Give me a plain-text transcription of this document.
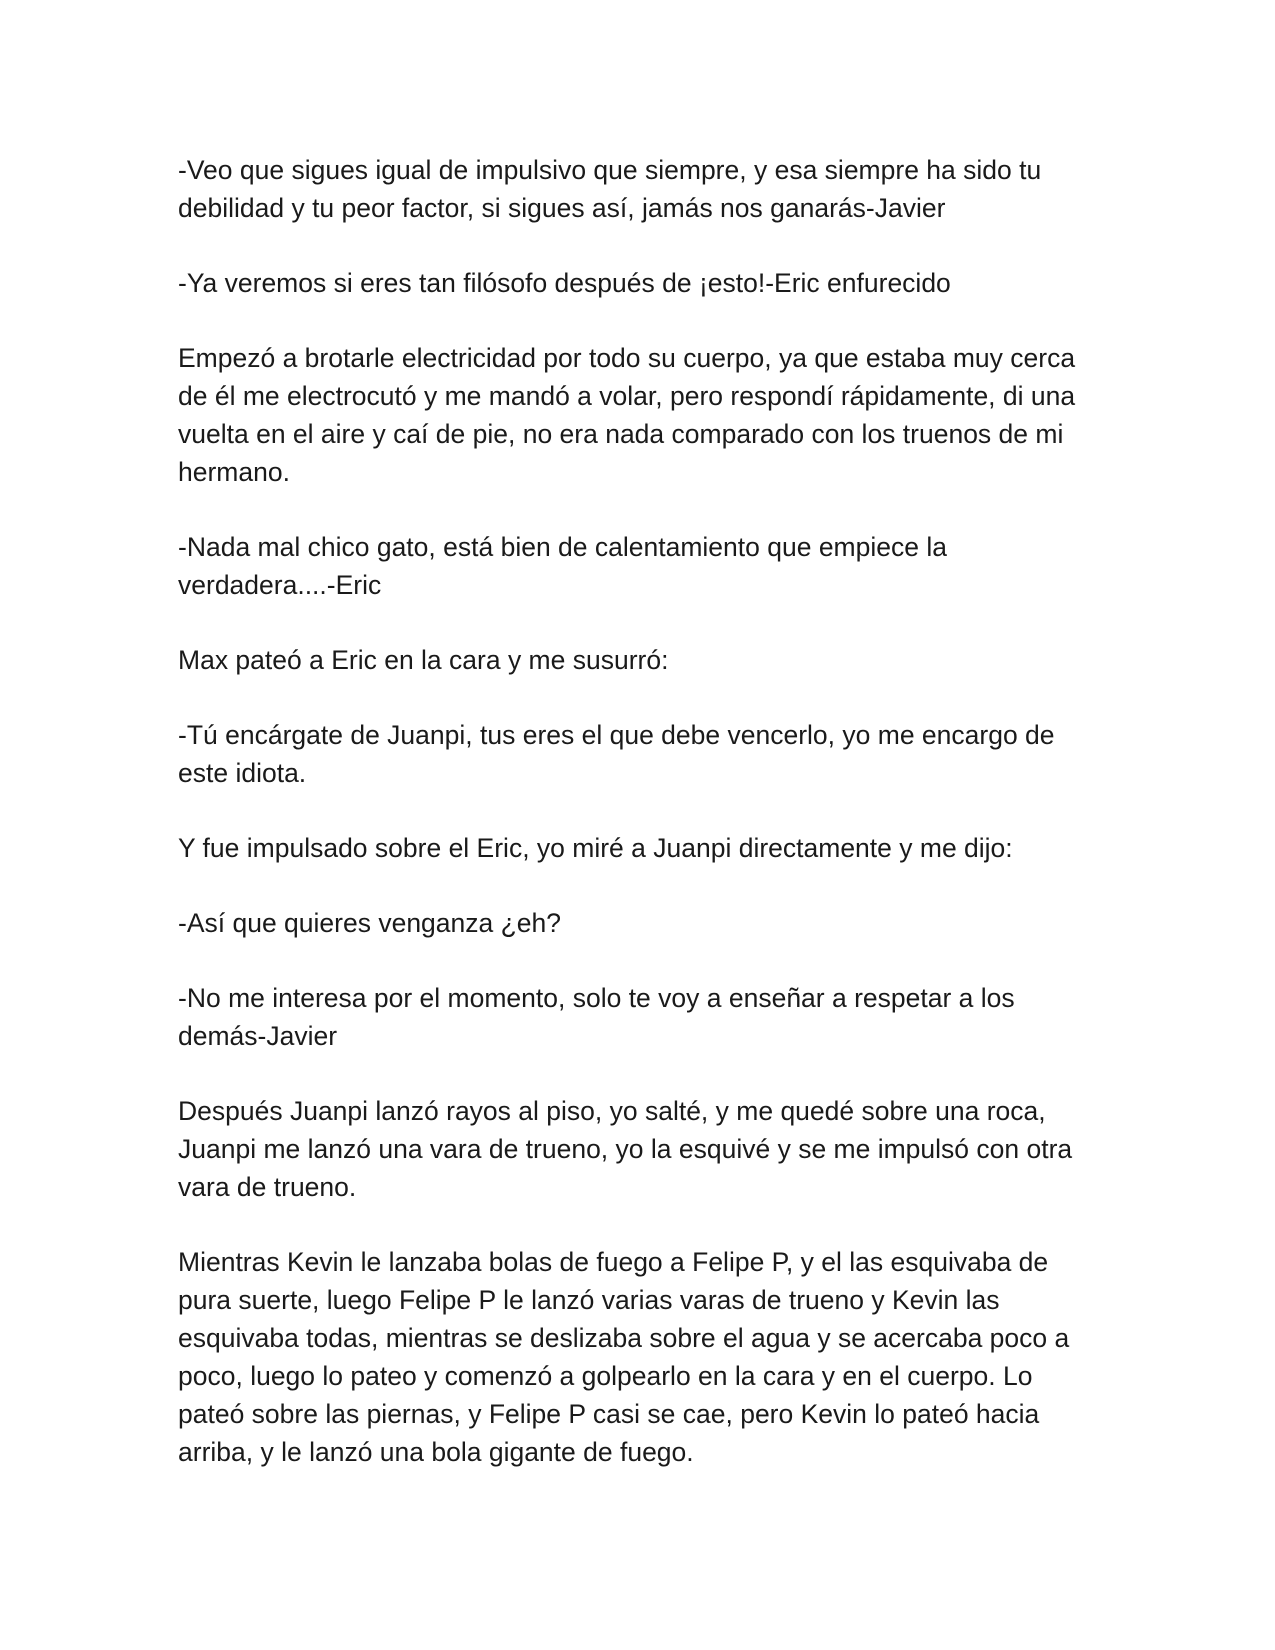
-Veo que sigues igual de impulsivo que siempre, y esa siempre ha sido tu debilidad y tu peor factor, si sigues así, jamás nos ganarás-Javier

-Ya veremos si eres tan filósofo después de ¡esto!-Eric enfurecido

Empezó a brotarle electricidad por todo su cuerpo, ya que estaba muy cerca de él me electrocutó y me mandó a volar, pero respondí rápidamente, di una vuelta en el aire y caí de pie, no era nada comparado con los truenos de mi hermano.

-Nada mal chico gato, está bien de calentamiento que empiece la verdadera....-Eric

Max pateó a Eric en la cara y me susurró:

-Tú encárgate de Juanpi, tus eres el que debe vencerlo, yo me encargo de este idiota.

Y fue impulsado sobre el Eric, yo miré a Juanpi directamente y me dijo:

-Así que quieres venganza ¿eh?

-No me interesa por el momento, solo te voy a enseñar a respetar a los demás-Javier

Después Juanpi lanzó rayos al piso, yo salté, y me quedé sobre una roca, Juanpi me lanzó una vara de trueno, yo la esquivé y se me impulsó con otra vara de trueno.

Mientras Kevin le lanzaba bolas de fuego a Felipe P, y el las esquivaba de pura suerte, luego Felipe P le lanzó varias varas de trueno y Kevin las esquivaba todas, mientras se deslizaba sobre el agua y se acercaba poco a poco, luego lo pateo y comenzó a golpearlo en la cara y en el cuerpo. Lo pateó sobre las piernas, y Felipe P casi se cae, pero Kevin lo pateó hacia arriba, y le lanzó una bola gigante de fuego.
